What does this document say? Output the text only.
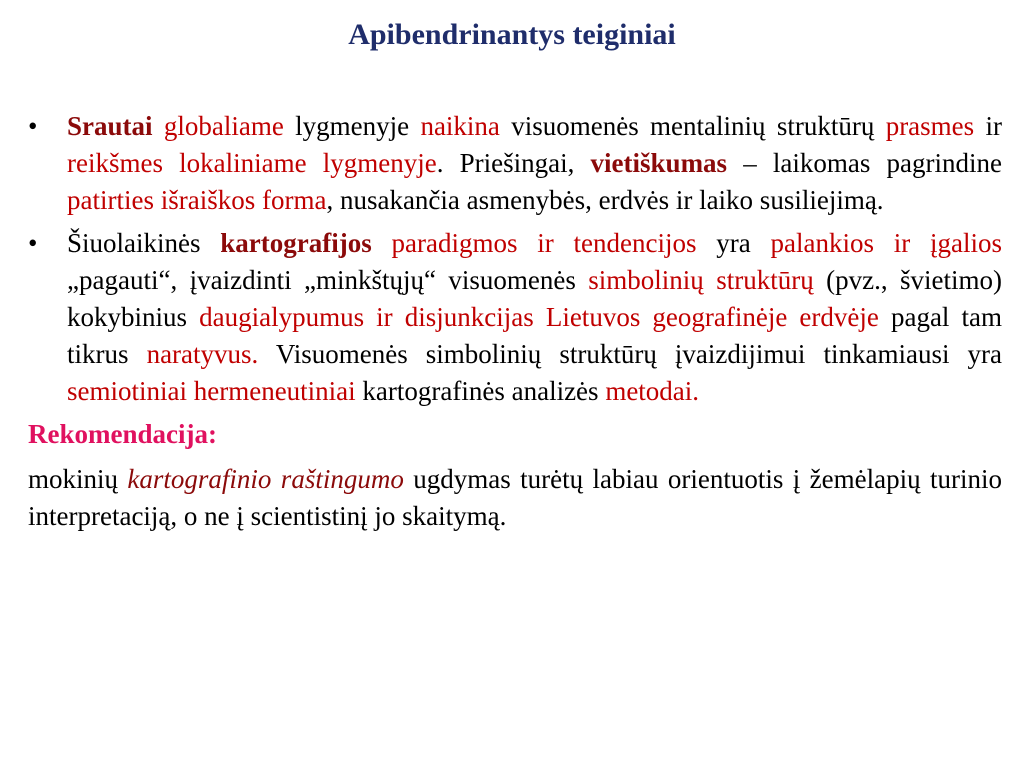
Apibendrinantys teiginiai
• Srautai globaliame lygmenyje naikina visuomenės mentalinių struktūrų prasmes ir reikšmes lokaliniame lygmenyje. Priešingai, vietiškumas – laikomas pagrindine patirties išraiškos forma, nusakančia asmenybės, erdvės ir laiko susiliejimą.
• Šiuolaikinės kartografijos paradigmos ir tendencijos yra palankios ir įgalios „pagauti“, įvaizdinti „minkštųjų“ visuomenės simbolinių struktūrų (pvz., švietimo) kokybinius daugialypumus ir disjunkcijas Lietuvos geografinėje erdvėje pagal tam tikrus naratyvus. Visuomenės simbolinių struktūrų įvaizdijimui tinkamiausi yra semiotiniai hermeneutiniai kartografinės analizės metodai.
Rekomendacija:
mokinių kartografinio raštingumo ugdymas turėtų labiau orientuotis į žemėlapių turinio interpretaciją, o ne į scientistinį jo skaitymą.
